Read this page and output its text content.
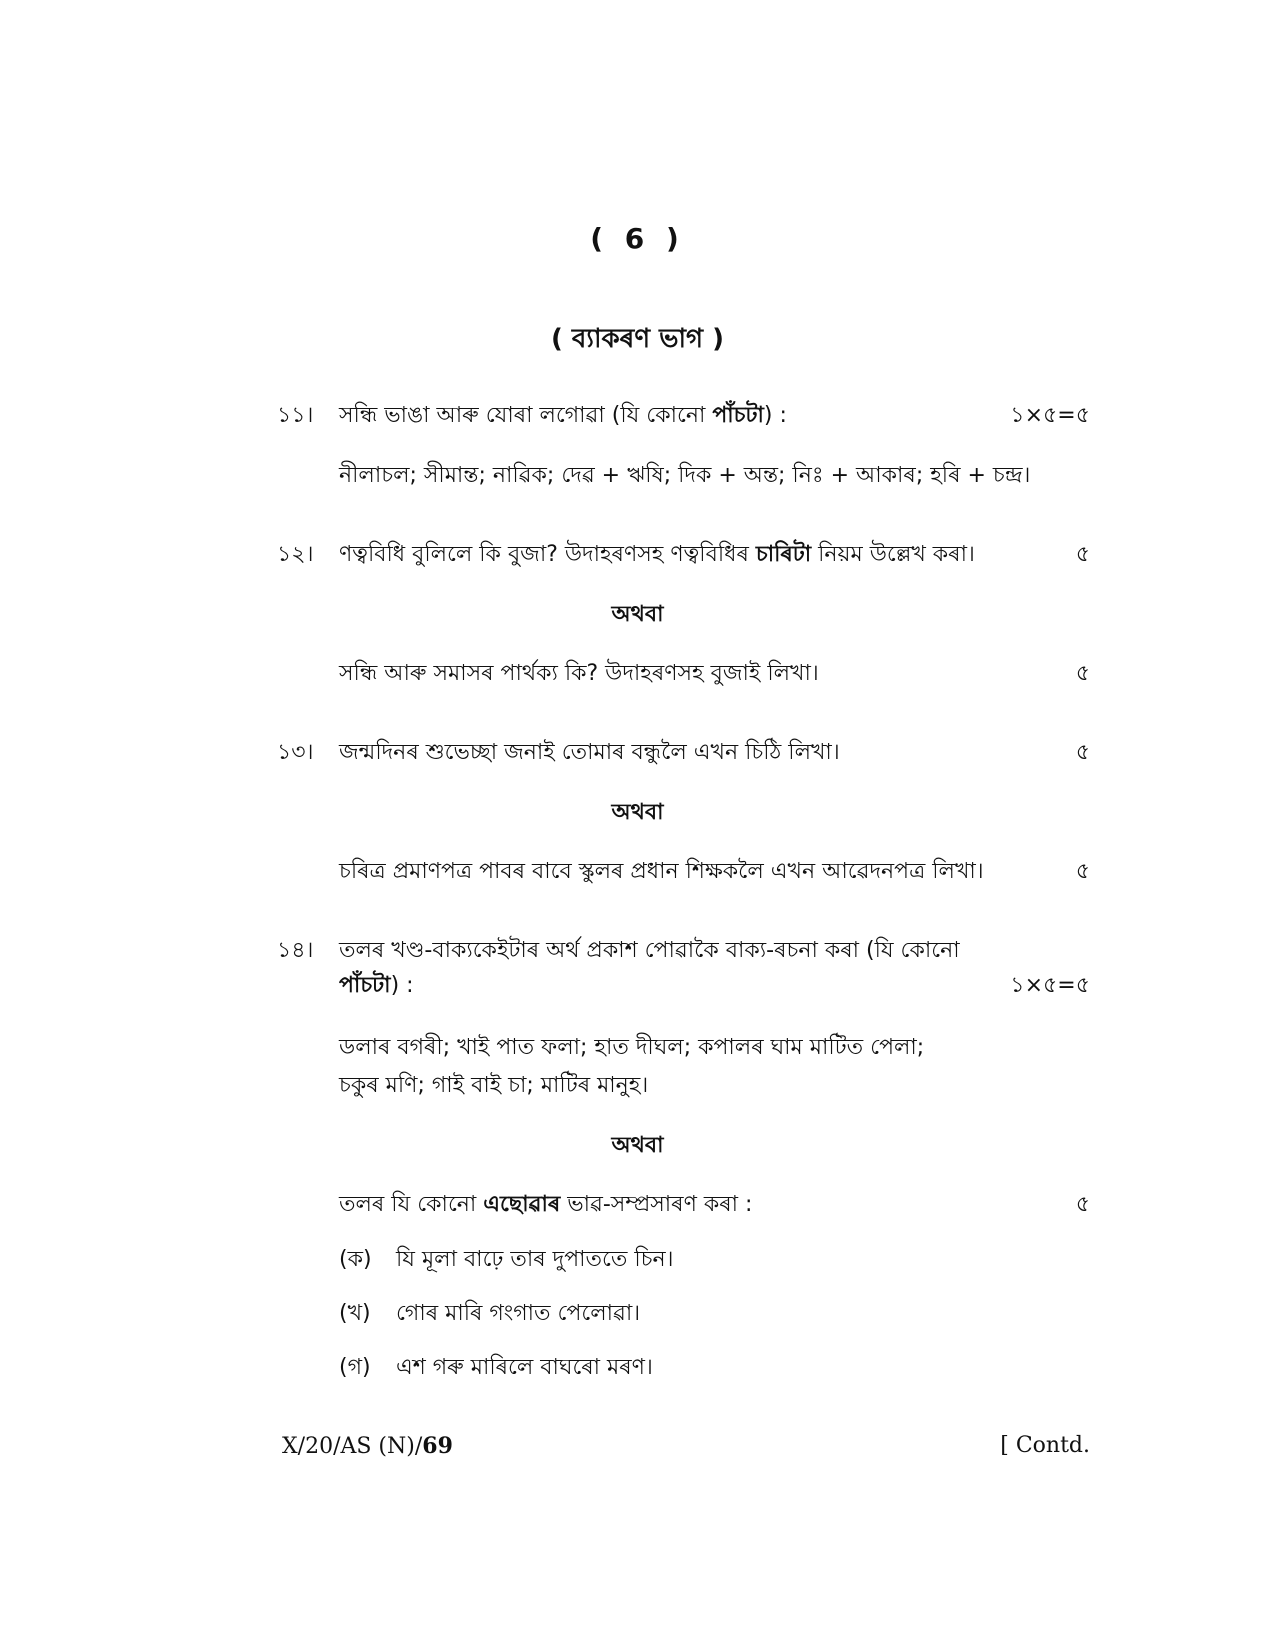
( 6 )
( ব্যাকৰণ ভাগ )
১১। সন্ধি ভাঙা আৰু যোৰা লগোৱা (যি কোনো পাঁচটা) :	১×৫=৫
নীলাচল; সীমান্ত; নাৱিক; দেৱ + ঋষি; দিক + অন্ত; নিঃ + আকাৰ; হৰি + চন্দ্ৰ।
১২। ণত্ববিধি বুলিলে কি বুজা? উদাহৰণসহ ণত্ববিধিৰ চাৰিটা নিয়ম উল্লেখ কৰা।	৫
অথবা
সন্ধি আৰু সমাসৰ পাৰ্থক্য কি? উদাহৰণসহ বুজাই লিখা।	৫
১৩। জন্মদিনৰ শুভেচ্ছা জনাই তোমাৰ বন্ধুলৈ এখন চিঠি লিখা।	৫
অথবা
চৰিত্ৰ প্ৰমাণপত্ৰ পাবৰ বাবে স্কুলৰ প্ৰধান শিক্ষকলৈ এখন আৱেদনপত্ৰ লিখা।	৫
১৪। তলৰ খণ্ড-বাক্যকেইটাৰ অৰ্থ প্ৰকাশ পোৱাকৈ বাক্য-ৰচনা কৰা (যি কোনো
পাঁচটা) :	১×৫=৫
ডলাৰ বগৰী; খাই পাত ফলা; হাত দীঘল; কপালৰ ঘাম মাটিত পেলা;
চকুৰ মণি; গাই বাই চা; মাটিৰ মানুহ।
অথবা
তলৰ যি কোনো এছোৱাৰ ভাৱ-সম্প্ৰসাৰণ কৰা :	৫
(ক) যি মূলা বাঢ়ে তাৰ দুপাততে চিন।
(খ) গোৰ মাৰি গংগাত পেলোৱা।
(গ) এশ গৰু মাৰিলে বাঘৰো মৰণ।
X/20/AS (N)/69	[ Contd.
